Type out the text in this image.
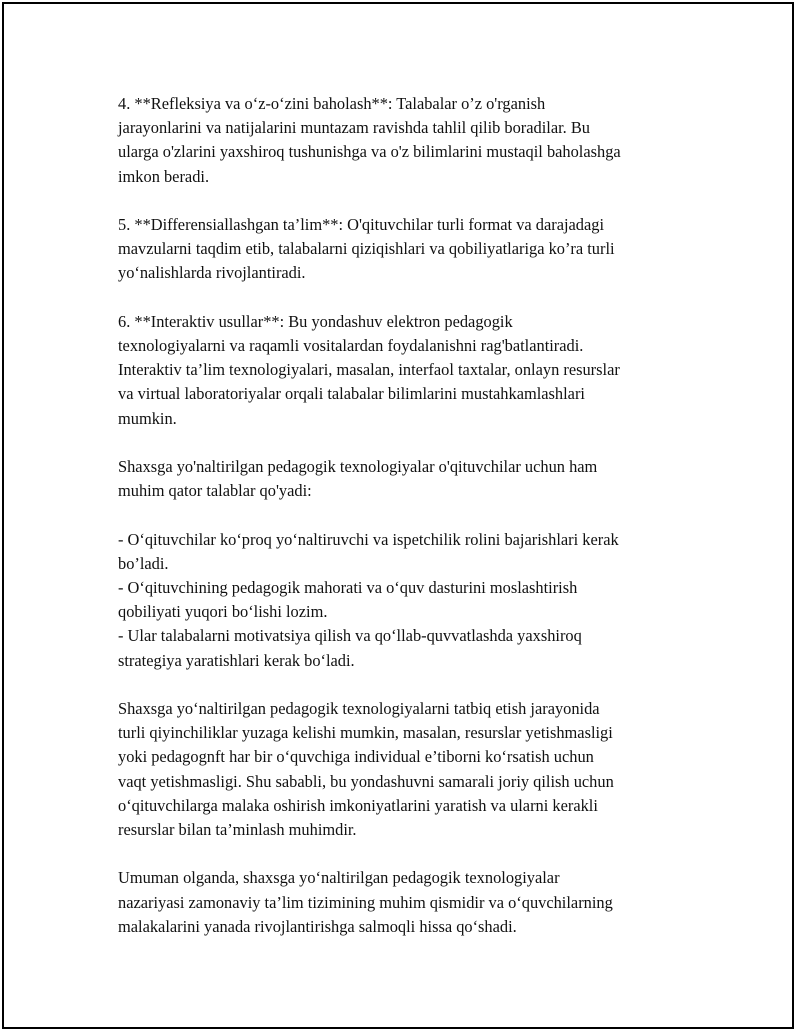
4. **Refleksiya va o‘z-o‘zini baholash**: Talabalar o’z o'rganish
jarayonlarini va natijalarini muntazam ravishda tahlil qilib boradilar. Bu
ularga o'zlarini yaxshiroq tushunishga va o'z bilimlarini mustaqil baholashga
imkon beradi.

5. **Differensiallashgan ta’lim**: O'qituvchilar turli format va darajadagi
mavzularni taqdim etib, talabalarni qiziqishlari va qobiliyatlariga ko’ra turli
yo‘nalishlarda rivojlantiradi.

6. **Interaktiv usullar**: Bu yondashuv elektron pedagogik
texnologiyalarni va raqamli vositalardan foydalanishni rag'batlantiradi.
Interaktiv ta’lim texnologiyalari, masalan, interfaol taxtalar, onlayn resurslar
va virtual laboratoriyalar orqali talabalar bilimlarini mustahkamlashlari
mumkin.

Shaxsga yo'naltirilgan pedagogik texnologiyalar o'qituvchilar uchun ham
muhim qator talablar qo'yadi:

- O‘qituvchilar ko‘proq yo‘naltiruvchi va ispetchilik rolini bajarishlari kerak
bo’ladi.
- O‘qituvchining pedagogik mahorati va o‘quv dasturini moslashtirish
qobiliyati yuqori bo‘lishi lozim.
- Ular talabalarni motivatsiya qilish va qo‘llab-quvvatlashda yaxshiroq
strategiya yaratishlari kerak bo‘ladi.

Shaxsga yo‘naltirilgan pedagogik texnologiyalarni tatbiq etish jarayonida
turli qiyinchiliklar yuzaga kelishi mumkin, masalan, resurslar yetishmasligi
yoki pedagognft har bir o‘quvchiga individual e’tiborni ko‘rsatish uchun
vaqt yetishmasligi. Shu sababli, bu yondashuvni samarali joriy qilish uchun
o‘qituvchilarga malaka oshirish imkoniyatlarini yaratish va ularni kerakli
resurslar bilan ta’minlash muhimdir.

Umuman olganda, shaxsga yo‘naltirilgan pedagogik texnologiyalar
nazariyasi zamonaviy ta’lim tizimining muhim qismidir va o‘quvchilarning
malakalarini yanada rivojlantirishga salmoqli hissa qo‘shadi.
